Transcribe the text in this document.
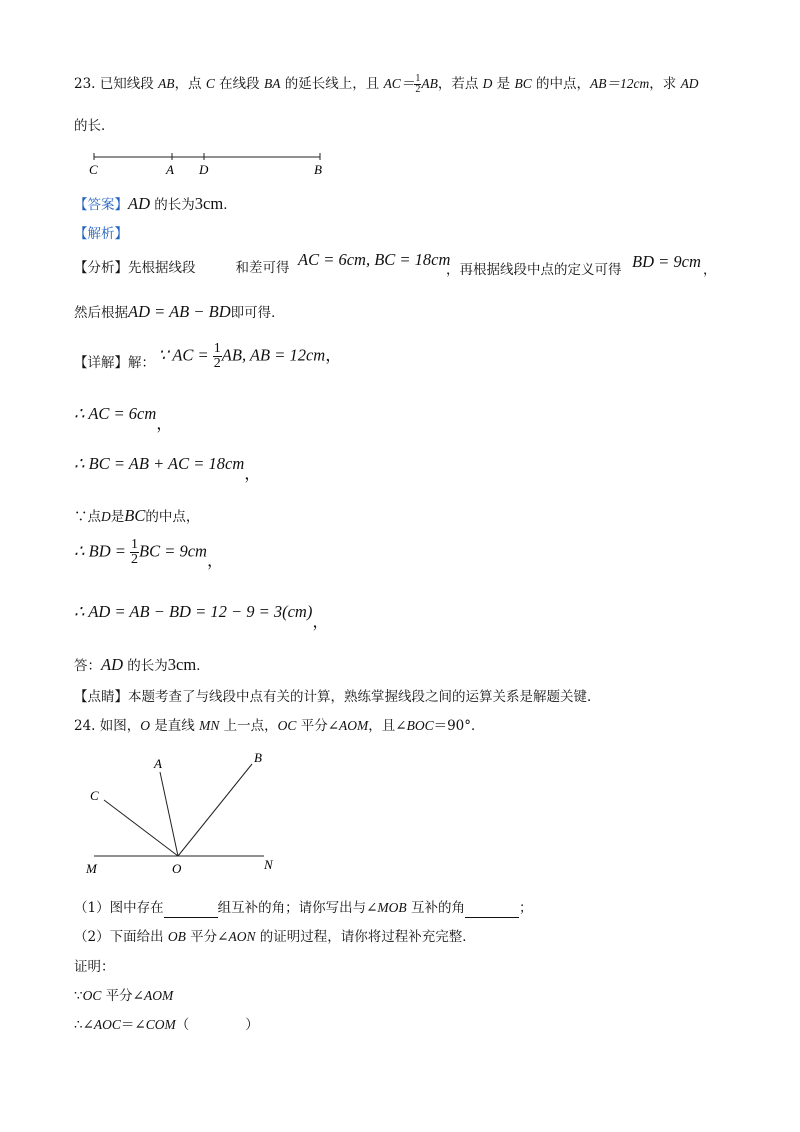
23. 已知线段 AB，点 C 在线段 BA 的延长线上，且 $AC= \frac{1}{2}$ AB，若点 D 是 BC 的中点，AB＝12cm，求 AD
的长．
C	A D	B
【答案】AD 的长为3cm．
【解析】
【分析】先根据线段	和差可得 AC = 6cm, BC = 18cm
，再根据线段中点的定义可得 BD = 9cm ，
然后根据AD = AB − BD即可得．
【详解】解： ∵ AC = $\frac{1}{2}$ AB, AB = 12cm，
∴ AC = 6cm，
∴ BC = AB + AC = 18cm，
∵点D是BC的中点，
∴ BD = $\frac{1}{2}$ BC = 9cm，
∴ AD = AB − BD = 12 − 9 = 3(cm)，
答：AD 的长为3cm．
【点睛】本题考查了与线段中点有关的计算，熟练掌握线段之间的运算关系是解题关键．
24. 如图，O 是直线 MN 上一点，OC 平分∠AOM，且∠BOC＝90°．
C
A	B
M	O	N
（1）图中存在	组互补的角；请你写出与∠MOB 互补的角	；
（2）下面给出 OB 平分∠AON 的证明过程，请你将过程补充完整．
证明：
∵OC 平分∠AOM
∴∠AOC＝∠COM（	）
